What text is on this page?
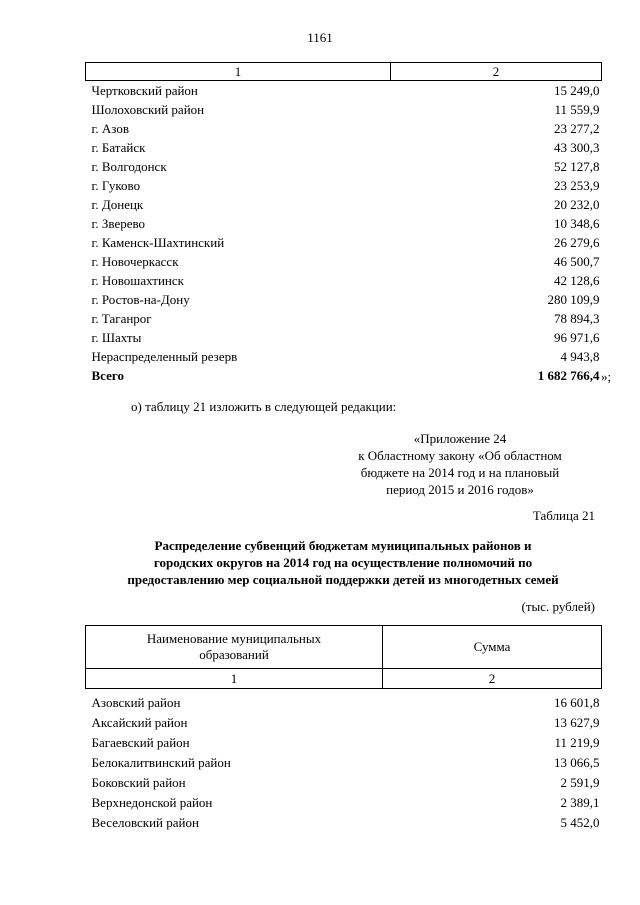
1161
1	2
Чертковский район	15 249,0
Шолоховский район	11 559,9
г. Азов	23 277,2
г. Батайск	43 300,3
г. Волгодонск	52 127,8
г. Гуково	23 253,9
г. Донецк	20 232,0
г. Зверево	10 348,6
г. Каменск-Шахтинский	26 279,6
г. Новочеркасск	46 500,7
г. Новошахтинск	42 128,6
г. Ростов-на-Дону	280 109,9
г. Таганрог	78 894,3
г. Шахты	96 971,6
Нераспределенный резерв	4 943,8
Всего	1 682 766,4 »;
о) таблицу 21 изложить в следующей редакции:
«Приложение 24
к Областному закону «Об областном
бюджете на 2014 год и на плановый
период 2015 и 2016 годов»
Таблица 21
Распределение субвенций бюджетам муниципальных районов и
городских округов на 2014 год на осуществление полномочий по
предоставлению мер социальной поддержки детей из многодетных семей
(тыс. рублей)
Наименование муниципальных
образований	Сумма
1	2

Азовский район	16 601,8
Аксайский район	13 627,9
Багаевский район	11 219,9
Белокалитвинский район	13 066,5
Боковский район	2 591,9
Верхнедонской район	2 389,1
Веселовский район	5 452,0
